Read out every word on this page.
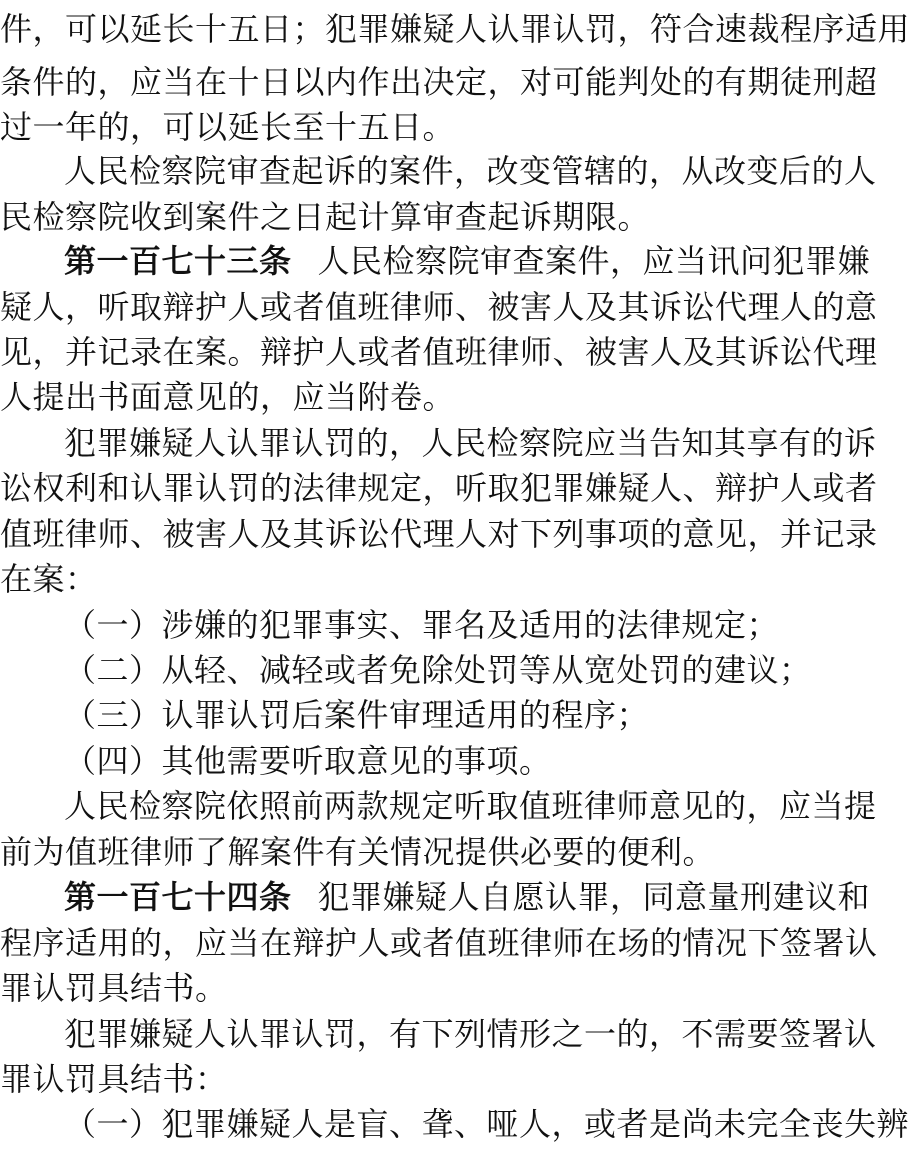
件，可以延长十五日；犯罪嫌疑人认罪认罚，符合速裁程序适用
条件的，应当在十日以内作出决定，对可能判处的有期徒刑超
过一年的，可以延长至十五日。
人民检察院审查起诉的案件，改变管辖的，从改变后的人
民检察院收到案件之日起计算审查起诉期限。
第一百七十三条 人民检察院审查案件，应当讯问犯罪嫌
疑人，听取辩护人或者值班律师、被害人及其诉讼代理人的意
见，并记录在案。辩护人或者值班律师、被害人及其诉讼代理
人提出书面意见的，应当附卷。
犯罪嫌疑人认罪认罚的，人民检察院应当告知其享有的诉
讼权利和认罪认罚的法律规定，听取犯罪嫌疑人、辩护人或者
值班律师、被害人及其诉讼代理人对下列事项的意见，并记录
在案：
（一）涉嫌的犯罪事实、罪名及适用的法律规定；
（二）从轻、减轻或者免除处罚等从宽处罚的建议；
（三）认罪认罚后案件审理适用的程序；
（四）其他需要听取意见的事项。
人民检察院依照前两款规定听取值班律师意见的，应当提
前为值班律师了解案件有关情况提供必要的便利。
第一百七十四条 犯罪嫌疑人自愿认罪，同意量刑建议和
程序适用的，应当在辩护人或者值班律师在场的情况下签署认
罪认罚具结书。
犯罪嫌疑人认罪认罚，有下列情形之一的，不需要签署认
罪认罚具结书：
（一）犯罪嫌疑人是盲、聋、哑人，或者是尚未完全丧失辨
